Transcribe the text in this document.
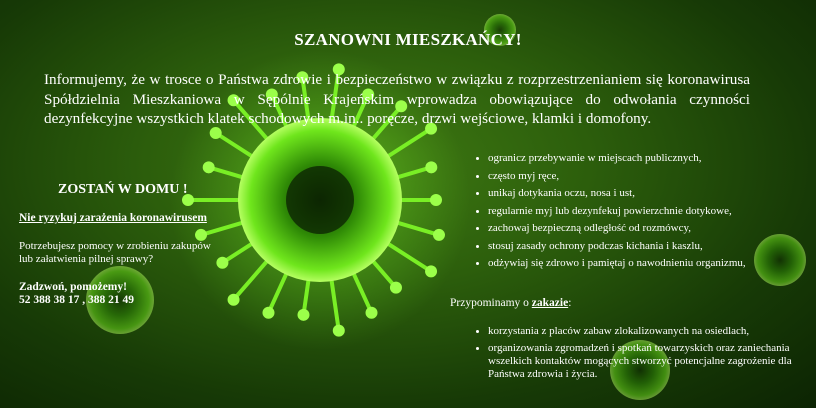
SZANOWNI MIESZKAŃCY!
Informujemy, że w trosce o Państwa zdrowie i bezpieczeństwo w związku z rozprzestrzenianiem się koronawirusa Spółdzielnia Mieszkaniowa w Sępólnie Krajeńskim wprowadza obowiązujące do odwołania czynności dezynfekcyjne wszystkich klatek schodowych m.in.. poręcze, drzwi wejściowe, klamki i domofony.
ZOSTAŃ W DOMU !
Nie ryzykuj zarażenia koronawirusem
Potrzebujesz pomocy w zrobieniu zakupów
lub załatwienia pilnej sprawy?
Zadzwoń, pomożemy!
52 388 38 17 , 388 21 49
• ogranicz przebywanie w miejscach publicznych,
• często myj ręce,
• unikaj dotykania oczu, nosa i ust,
• regularnie myj lub dezynfekuj powierzchnie dotykowe,
• zachowaj bezpieczną odległość od rozmówcy,
• stosuj zasady ochrony podczas kichania i kaszlu,
• odżywiaj się zdrowo i pamiętaj o nawodnieniu organizmu,
Przypominamy o zakazie:
• korzystania z placów zabaw zlokalizowanych na osiedlach,
• organizowania zgromadzeń i spotkań towarzyskich oraz zaniechania wszelkich kontaktów mogących stworzyć potencjalne zagrożenie dla Państwa zdrowia i życia.
